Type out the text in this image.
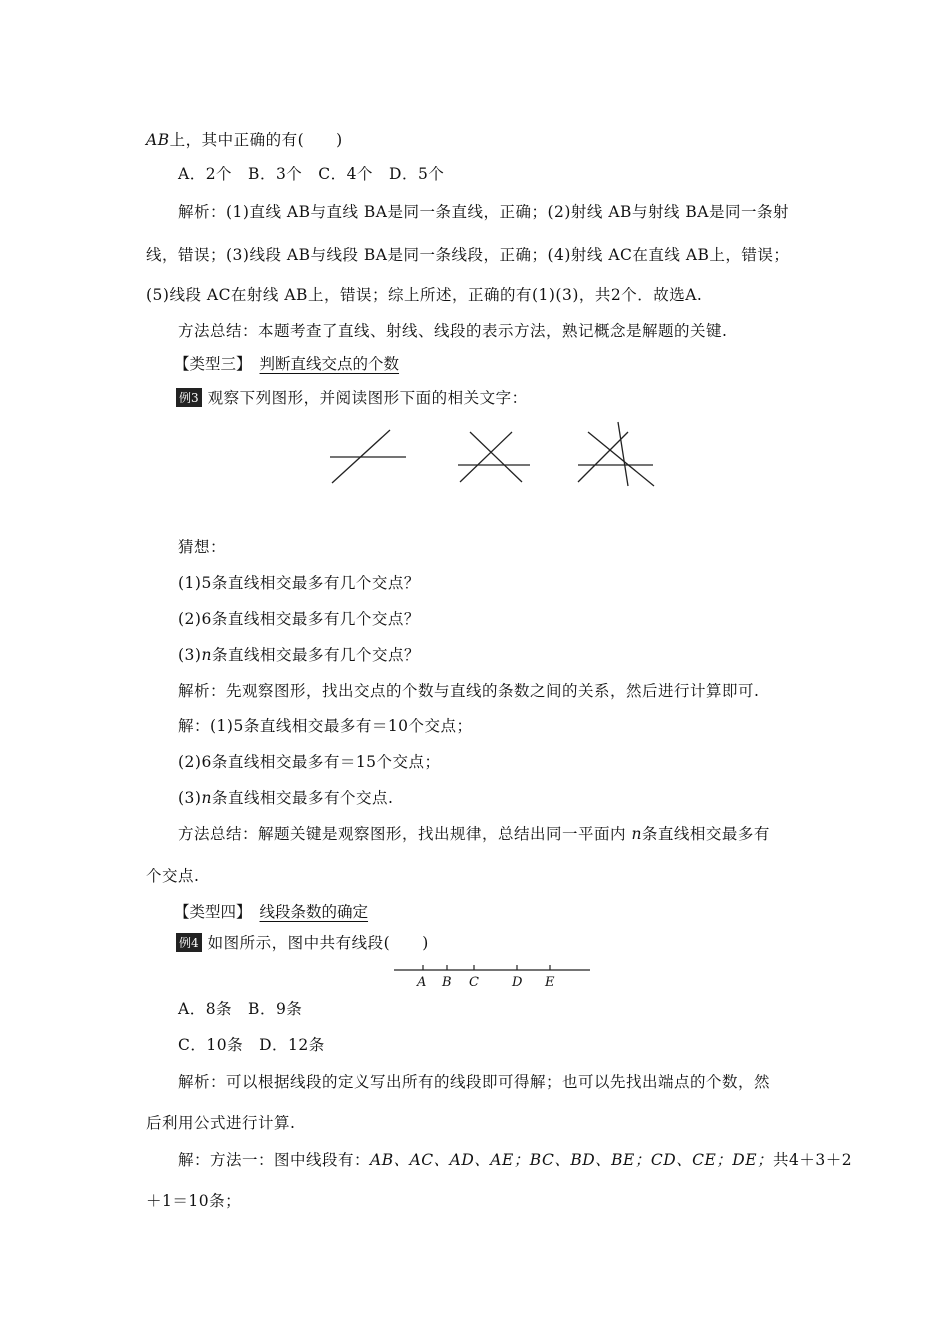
AB上，其中正确的有(　　)
A．2个　B．3个　C．4个　D．5个
解析：(1)直线 AB与直线 BA是同一条直线，正确；(2)射线 AB与射线 BA是同一条射
线，错误；(3)线段 AB与线段 BA是同一条线段，正确；(4)射线 AC在直线 AB上，错误；
(5)线段 AC在射线 AB上，错误；综上所述，正确的有(1)(3)，共2个．故选A.
方法总结：本题考查了直线、射线、线段的表示方法，熟记概念是解题的关键.
【类型三】 判断直线交点的个数
例3 观察下列图形，并阅读图形下面的相关文字：
猜想：
(1)5条直线相交最多有几个交点？
(2)6条直线相交最多有几个交点？
(3)n条直线相交最多有几个交点？
解析：先观察图形，找出交点的个数与直线的条数之间的关系，然后进行计算即可.
解：(1)5条直线相交最多有＝10个交点；
(2)6条直线相交最多有＝15个交点；
(3)n条直线相交最多有个交点.
方法总结：解题关键是观察图形，找出规律，总结出同一平面内 n条直线相交最多有
个交点.
【类型四】 线段条数的确定
例4 如图所示，图中共有线段(　　)
A B C	D E
A．8条　B．9条
C．10条　D．12条
解析：可以根据线段的定义写出所有的线段即可得解；也可以先找出端点的个数，然
后利用公式进行计算.
解：方法一：图中线段有：AB、AC、AD、AE；BC、BD、BE；CD、CE；DE；共4＋3＋2
＋1＝10条；
